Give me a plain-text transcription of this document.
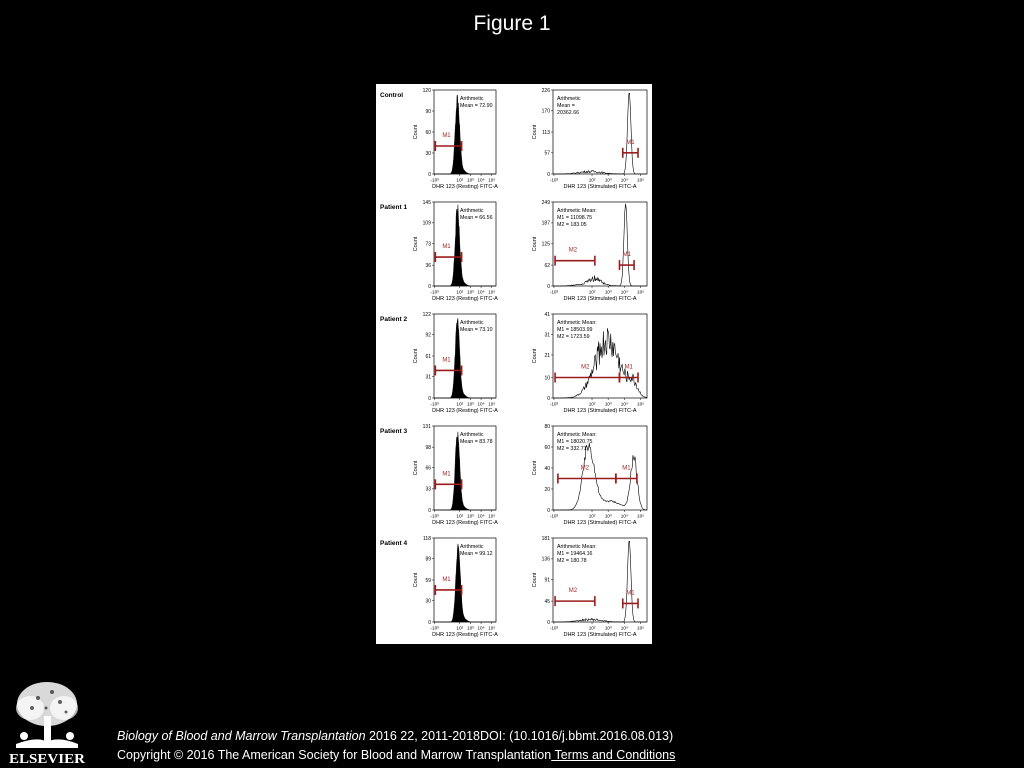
Figure 1
Control
0
30
60
90
120
Count
-10³	10² 10³ 10⁴ 10⁵
DHR 123 (Resting) FITC-A
Arithmetic
Mean = 72.90
M1
0
57
113
170
226
Count
-10³	10² 10³ 10⁴ 10⁵
DHR 123 (Stimulated) FITC-A
Arithmetic
Mean =
20362.66
M1
Patient 1
0
36
73
109
145
Count
-10³	10² 10³ 10⁴ 10⁵
DHR 123 (Resting) FITC-A
Arithmetic
Mean = 66.56
M1
0
62
125
187
249
Count
-10³	10² 10³ 10⁴ 10⁵
DHR 123 (Stimulated) FITC-A
Arithmetic Mean:
M1 = 11098.75
M2 = 183.05
M2
M1
Patient 2
0
31
61
92
122
Count
-10³	10² 10³ 10⁴ 10⁵
DHR 123 (Resting) FITC-A
Arithmetic
Mean = 73.10
M1
0
10
21
31
41
Count
-10³	10² 10³ 10⁴ 10⁵
DHR 123 (Stimulated) FITC-A
Arithmetic Mean:
M1 = 18503.99
M2 = 1723.59
M2	M1
Patient 3
0
33
66
98
131
Count
-10³	10² 10³ 10⁴ 10⁵
DHR 123 (Resting) FITC-A
Arithmetic
Mean = 83.78
M1
0
20
40
60
80
Count
-10³	10² 10³ 10⁴ 10⁵
DHR 123 (Stimulated) FITC-A
Arithmetic Mean:
M1 = 18020.75
M2 = 332.71
M2	M1
Patient 4
0
30
59
89
118
Count
-10³	10² 10³ 10⁴ 10⁵
DHR 123 (Resting) FITC-A
Arithmetic
Mean = 99.12
M1
0
45
91
136
181
Count
-10³	10² 10³ 10⁴ 10⁵
DHR 123 (Stimulated) FITC-A
Arithmetic Mean:
M1 = 19464.16
M2 = 180.78
M2	M1
ELSEVIER
Biology of Blood and Marrow Transplantation 2016 22, 2011-2018DOI: (10.1016/j.bbmt.2016.08.013)
Copyright © 2016 The American Society for Blood and Marrow Transplantation Terms and Conditions
